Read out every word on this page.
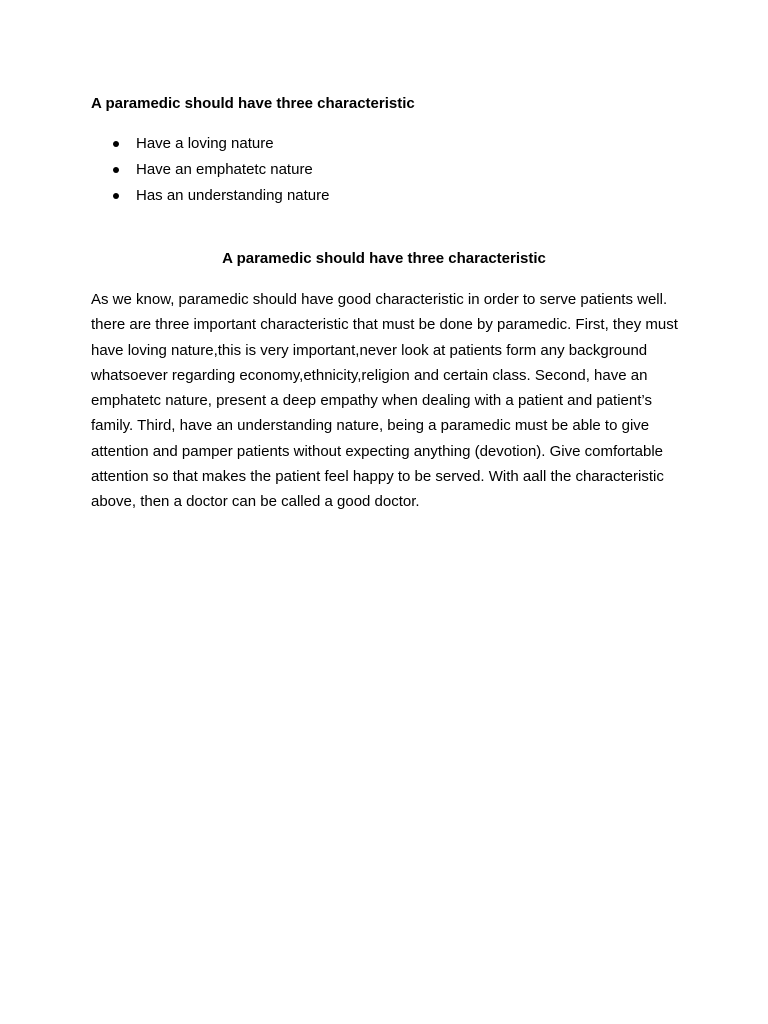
A paramedic should have three characteristic
Have a loving nature
Have an emphatetc nature
Has an understanding nature
A paramedic should have three characteristic

As we know, paramedic should have good characteristic in order to serve patients well. there are three important characteristic that must be done by paramedic. First, they must have loving nature,this is very important,never look at patients form any background whatsoever regarding economy,ethnicity,religion and certain class. Second, have an emphatetc nature, present a deep empathy when dealing with a patient and patient’s family. Third, have an understanding nature, being a paramedic must be able to give attention and pamper patients without expecting anything (devotion). Give comfortable attention so that makes the patient feel happy to be served. With aall the characteristic above, then a doctor can be called a good doctor.
